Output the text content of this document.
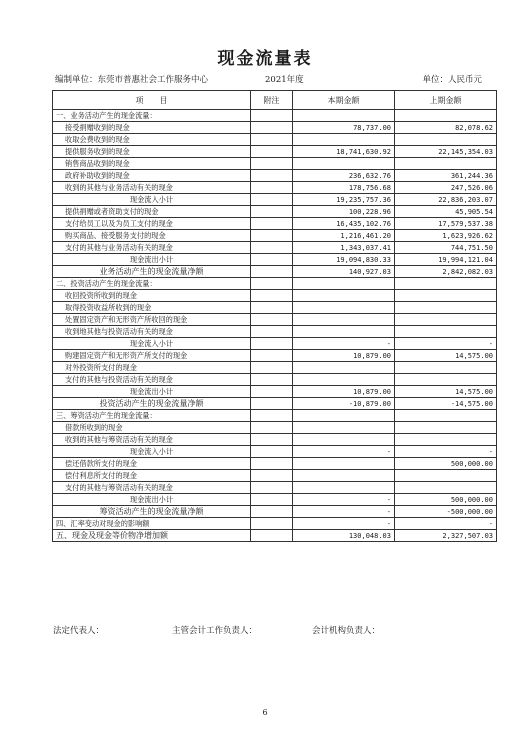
现金流量表
编制单位：东莞市普惠社会工作服务中心	2021年度	单位：人民币元
项　　目	附注	本期金额	上期金额
一、业务活动产生的现金流量：			
接受捐赠收到的现金		78,737.00	82,078.62
收取会费收到的现金			
提供服务收到的现金		18,741,630.92	22,145,354.03
销售商品收到的现金			
政府补助收到的现金		236,632.76	361,244.36
收到的其他与业务活动有关的现金		178,756.68	247,526.06
现金流入小计		19,235,757.36	22,836,203.07
提供捐赠或者资助支付的现金		100,228.96	45,905.54
支付给员工以及为员工支付的现金		16,435,102.76	17,579,537.38
购买商品、接受服务支付的现金		1,216,461.20	1,623,926.62
支付的其他与业务活动有关的现金		1,343,037.41	744,751.50
现金流出小计		19,094,830.33	19,994,121.04
业务活动产生的现金流量净额		140,927.03	2,842,082.03
二、投资活动产生的现金流量：			
收回投资所收到的现金			
取得投资收益所收到的现金			
处置固定资产和无形资产所收回的现金			
收到地其他与投资活动有关的现金			
现金流入小计		-	-
购建固定资产和无形资产所支付的现金		10,879.00	14,575.00
对外投资所支付的现金			
支付的其他与投资活动有关的现金			
现金流出小计		10,879.00	14,575.00
投资活动产生的现金流量净额		-10,879.00	-14,575.00
三、筹资活动产生的现金流量：			
借款所收到的现金			
收到的其他与筹资活动有关的现金			
现金流入小计		-	-
偿还借款所支付的现金			500,000.00
偿付利息所支付的现金			
支付的其他与筹资活动有关的现金			
现金流出小计		-	500,000.00
筹资活动产生的现金流量净额		-	-500,000.00
四、汇率变动对现金的影响额		-	-
五、现金及现金等价物净增加额		130,048.03	2,327,507.03
法定代表人：	主管会计工作负责人：	会计机构负责人：
6
